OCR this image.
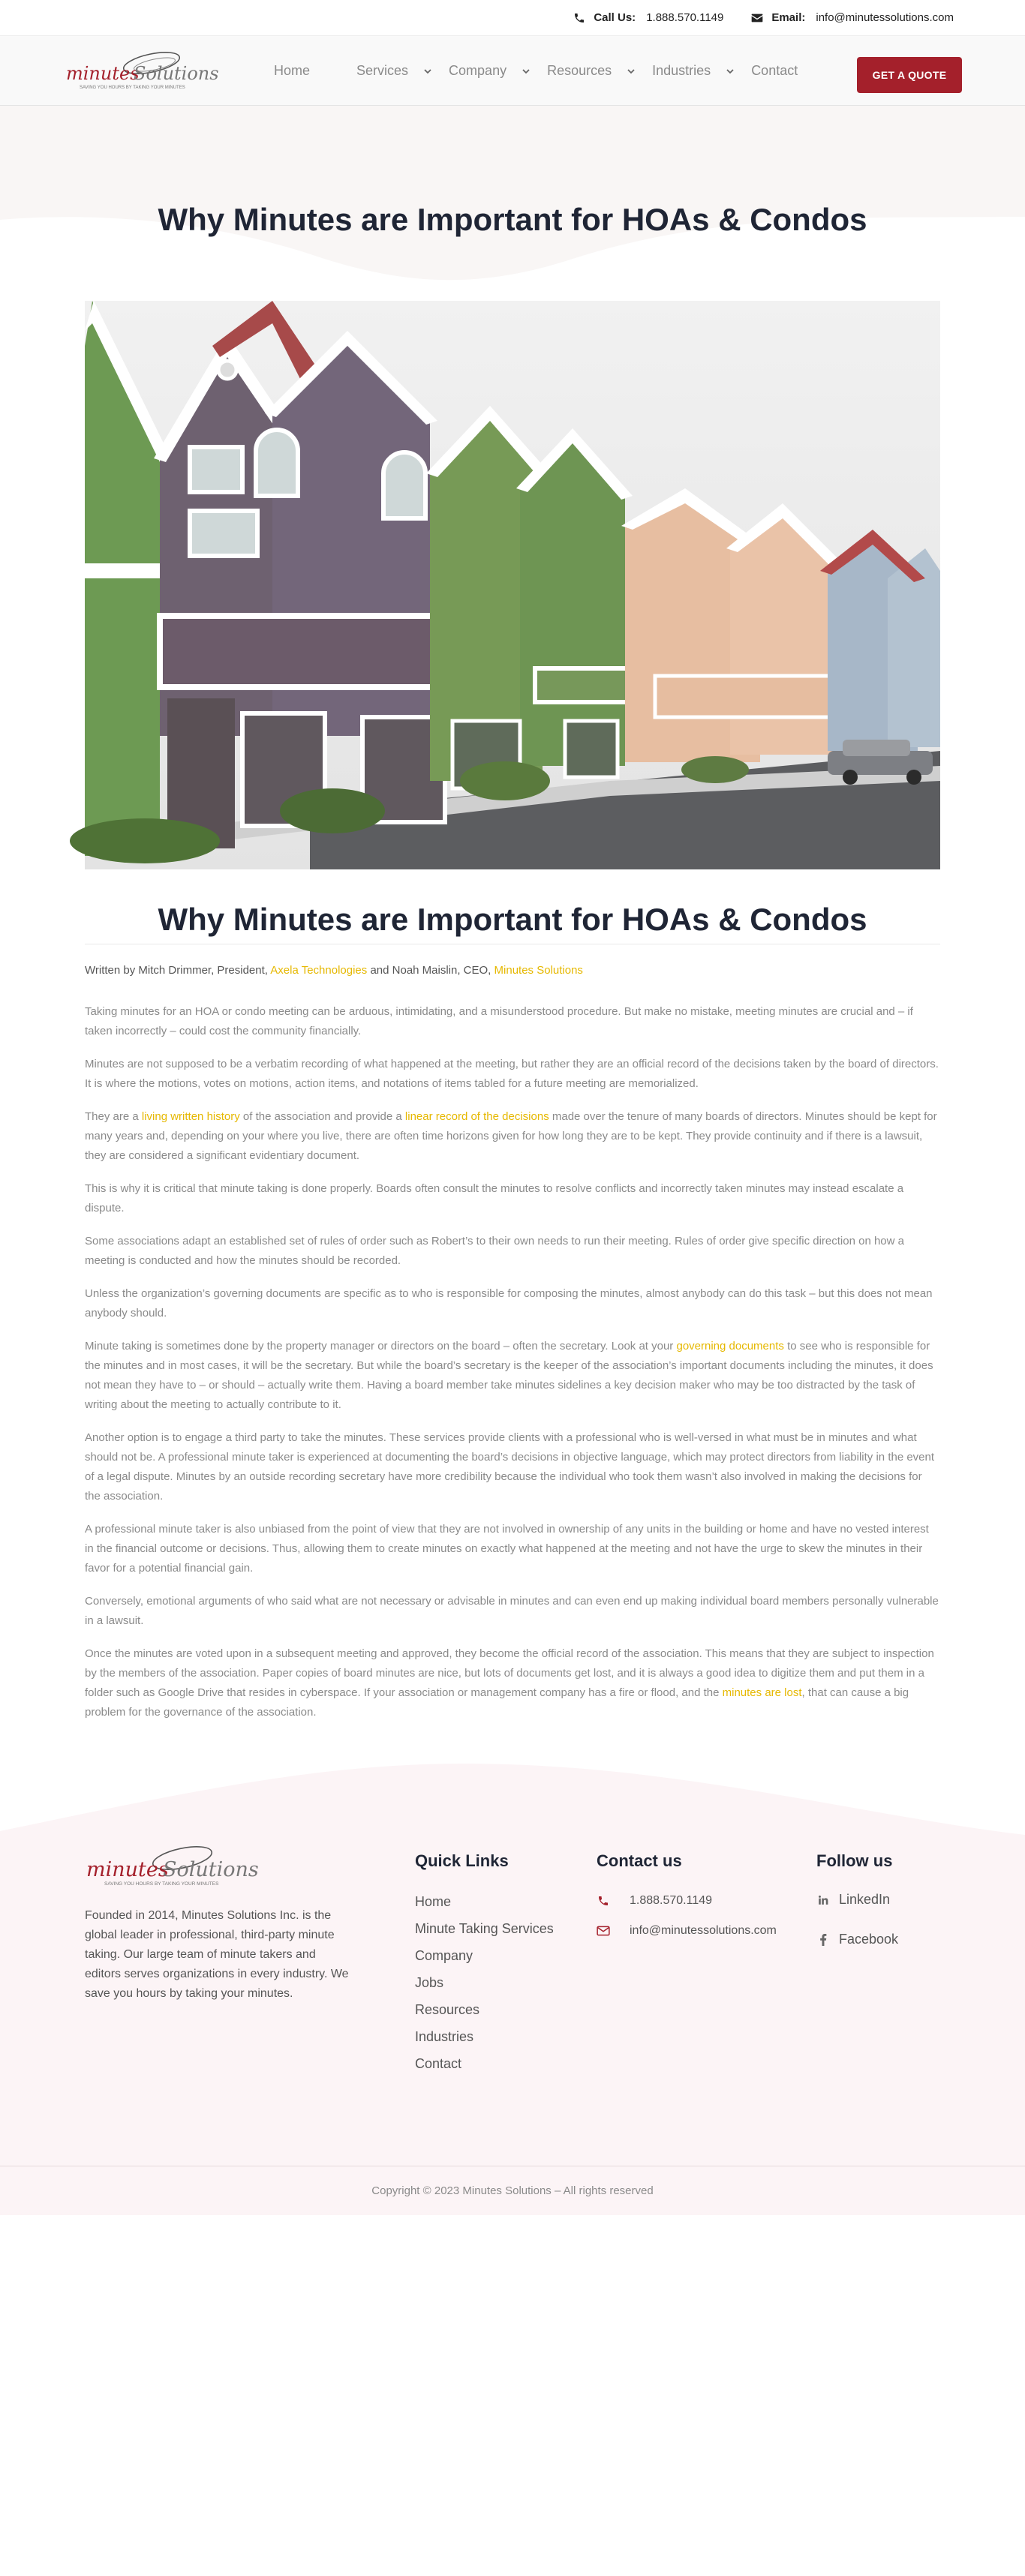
Call Us: 1.888.570.1149	Email: info@minutessolutions.com
minutes
Solutions
SAVING YOU HOURS BY TAKING YOUR MINUTES
Home	Services	Company	Resources	Industries	Contact	GET A QUOTE
Why Minutes are Important for HOAs & Condos
Why Minutes are Important for HOAs & Condos
Written by Mitch Drimmer, President, Axela Technologies and Noah Maislin, CEO, Minutes Solutions

Taking minutes for an HOA or condo meeting can be arduous, intimidating, and a misunderstood procedure. But make no mistake, meeting minutes are crucial and – if taken incorrectly – could cost the community financially.

Minutes are not supposed to be a verbatim recording of what happened at the meeting, but rather they are an official record of the decisions taken by the board of directors. It is where the motions, votes on motions, action items, and notations of items tabled for a future meeting are memorialized.

They are a living written history of the association and provide a linear record of the decisions made over the tenure of many boards of directors. Minutes should be kept for many years and, depending on your where you live, there are often time horizons given for how long they are to be kept. They provide continuity and if there is a lawsuit, they are considered a significant evidentiary document.

This is why it is critical that minute taking is done properly. Boards often consult the minutes to resolve conflicts and incorrectly taken minutes may instead escalate a dispute.

Some associations adapt an established set of rules of order such as Robert’s to their own needs to run their meeting. Rules of order give specific direction on how a meeting is conducted and how the minutes should be recorded.

Unless the organization’s governing documents are specific as to who is responsible for composing the minutes, almost anybody can do this task – but this does not mean anybody should.

Minute taking is sometimes done by the property manager or directors on the board – often the secretary. Look at your governing documents to see who is responsible for the minutes and in most cases, it will be the secretary. But while the board’s secretary is the keeper of the association’s important documents including the minutes, it does not mean they have to – or should – actually write them. Having a board member take minutes sidelines a key decision maker who may be too distracted by the task of writing about the meeting to actually contribute to it.

Another option is to engage a third party to take the minutes. These services provide clients with a professional who is well-versed in what must be in minutes and what should not be. A professional minute taker is experienced at documenting the board’s decisions in objective language, which may protect directors from liability in the event of a legal dispute. Minutes by an outside recording secretary have more credibility because the individual who took them wasn’t also involved in making the decisions for the association.

A professional minute taker is also unbiased from the point of view that they are not involved in ownership of any units in the building or home and have no vested interest in the financial outcome or decisions. Thus, allowing them to create minutes on exactly what happened at the meeting and not have the urge to skew the minutes in their favor for a potential financial gain.

Conversely, emotional arguments of who said what are not necessary or advisable in minutes and can even end up making individual board members personally vulnerable in a lawsuit.

Once the minutes are voted upon in a subsequent meeting and approved, they become the official record of the association. This means that they are subject to inspection by the members of the association. Paper copies of board minutes are nice, but lots of documents get lost, and it is always a good idea to digitize them and put them in a folder such as Google Drive that resides in cyberspace. If your association or management company has a fire or flood, and the minutes are lost, that can cause a big problem for the governance of the association.

minutes
Solutions
SAVING YOU HOURS BY TAKING YOUR MINUTES

Founded in 2014, Minutes Solutions Inc. is the global leader in professional, third-party minute taking. Our large team of minute takers and editors serves organizations in every industry. We save you hours by taking your minutes.

Quick Links
Home
Minute Taking Services
Company
Jobs
Resources
Industries
Contact
Contact us
1.888.570.1149
info@minutessolutions.com
Follow us
LinkedIn
Facebook
Copyright © 2023 Minutes Solutions – All rights reserved
